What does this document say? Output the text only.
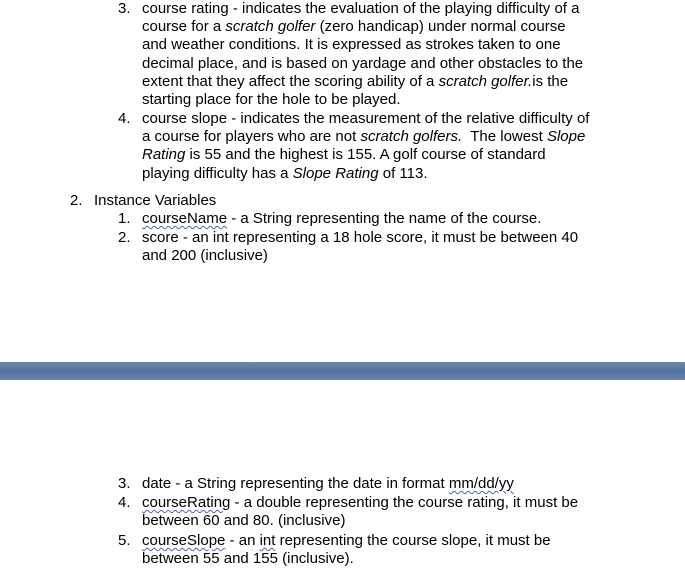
3. course rating - indicates the evaluation of the playing difficulty of a
course for a scratch golfer (zero handicap) under normal course
and weather conditions. It is expressed as strokes taken to one
decimal place, and is based on yardage and other obstacles to the
extent that they affect the scoring ability of a scratch golfer.is the
starting place for the hole to be played.
4. course slope - indicates the measurement of the relative difficulty of
a course for players who are not scratch golfers.  The lowest Slope
Rating is 55 and the highest is 155. A golf course of standard
playing difficulty has a Slope Rating of 113.
2. Instance Variables
1. courseName - a String representing the name of the course.
2. score - an int representing a 18 hole score, it must be between 40
and 200 (inclusive)
3. date - a String representing the date in format mm/dd/yy
4. courseRating - a double representing the course rating, it must be
between 60 and 80. (inclusive)
5. courseSlope - an int representing the course slope, it must be
between 55 and 155 (inclusive).
